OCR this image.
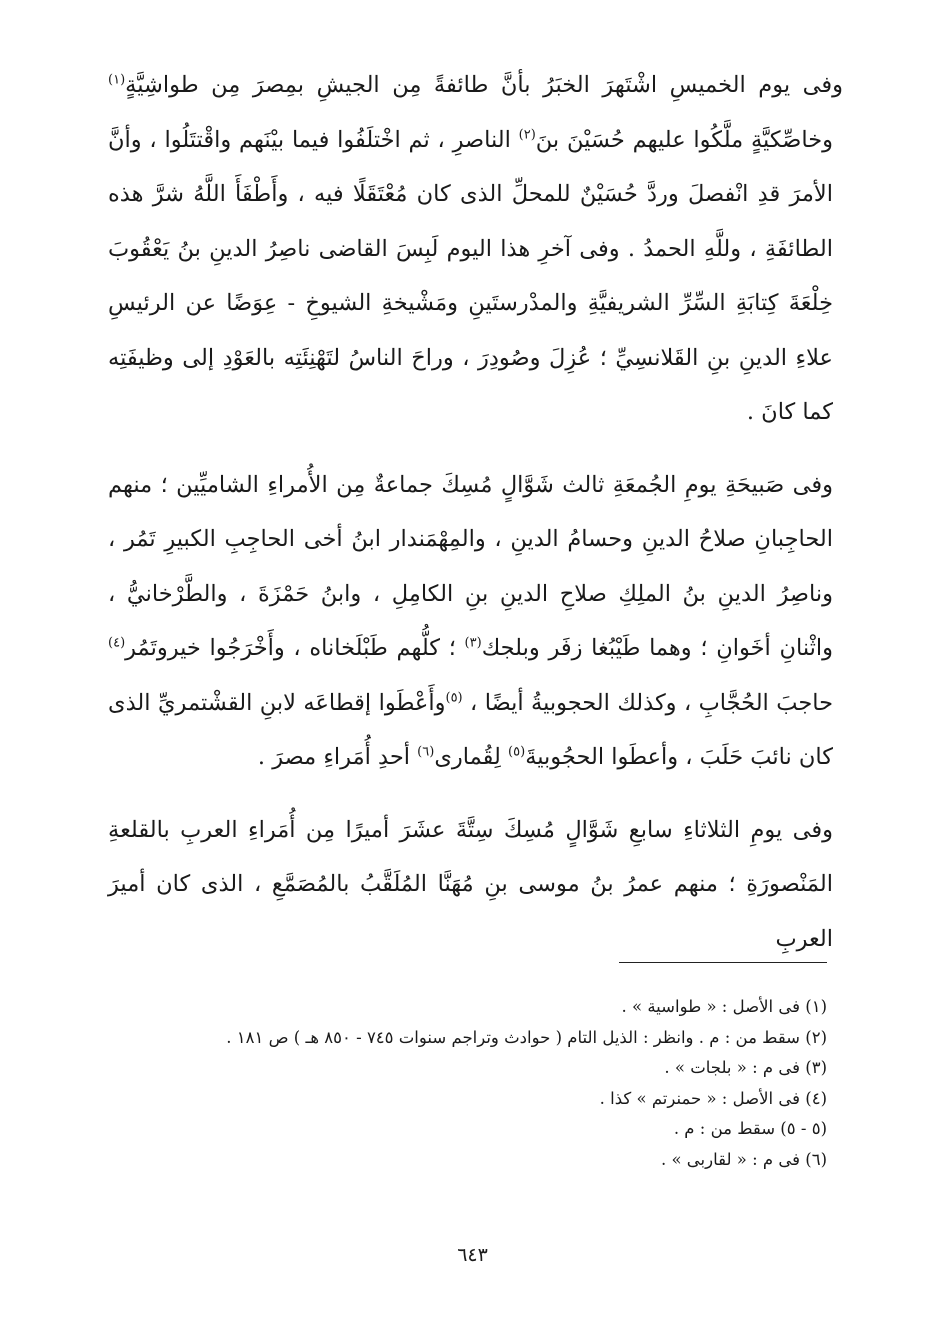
وفى يوم الخميسِ اشْتَهرَ الخبَرُ بأنَّ طائفةً مِن الجيشِ بمِصرَ مِن طواشِيَّةٍ$^{(١)}$ وخاصِّكيَّةٍ ملَّكُوا عليهم حُسَيْنَ بنَ$^{(٢)}$ الناصرِ ، ثم اخْتلَفُوا فيما بيْنَهم واقْتتَلُوا ، وأنَّ الأمرَ قدِ انْفصلَ وردَّ حُسَيْنٌ للمحلِّ الذى كان مُعْتَقَلًا فيه ، وأَطْفَأَ اللَّهُ شرَّ هذه الطائفَةِ ، وللَّهِ الحمدُ . وفى آخرِ هذا اليوم لَبِسَ القاضى ناصِرُ الدينِ بنُ يَعْقُوبَ خِلْعَةَ كِتابَةِ السِّرِّ الشريفيَّةِ والمدْرستَينِ ومَشْيخةِ الشيوخِ - عِوَضًا عن الرئيسِ علاءِ الدينِ بنِ القَلانسِيِّ ؛ عُزِلَ وصُودِرَ ، وراحَ الناسُ لتَهْنِئَتِه بالعَوْدِ إلى وظيفَتِه كما كانَ .

وفى صَبيحَةِ يومِ الجُمعَةِ ثالث شَوَّالٍ مُسِكَ جماعةٌ مِن الأُمراءِ الشاميِّين ؛ منهم الحاجِبانِ صلاحُ الدينِ وحسامُ الدينِ ، والمِهْمَندار ابنُ أخى الحاجِبِ الكبيرِ تَمُر ، وناصِرُ الدينِ بنُ الملِكِ صلاحِ الدينِ بنِ الكامِلِ ، وابنُ حَمْزَةَ ، والطَّرْخانيُّ ، واثْنانِ أخَوانِ ؛ وهما طَيْبُغا زفَر وبلجك$^{(٣)}$ ؛ كلُّهم طَبْلَخاناه ، وأَخْرَجُوا خيروتَمُر$^{(٤)}$ حاجبَ الحُجَّابِ ، وكذلك الحجوبيةُ أيضًا ، $^{(٥)}$وأَعْطَوا إقطاعَه لابنِ القشْتمريِّ الذى كان نائبَ حَلَبَ ، وأعطَوا الحجُوبيةَ$^{(٥)}$ لِقُمارى$^{(٦)}$ أحدِ أُمَراءِ مصرَ .

وفى يومِ الثلاثاءِ سابعِ شَوَّالٍ مُسِكَ سِتَّةَ عشَرَ أميرًا مِن أُمَراءِ العربِ بالقلعةِ المَنْصورَةِ ؛ منهم عمرُ بنُ موسى بنِ مُهَنَّا المُلَقَّبُ بالمُصَمَّعِ ، الذى كان أميرَ العربِ

(١) فى الأصل : « طواسية » .
(٢) سقط من : م . وانظر : الذيل التام ( حوادث وتراجم سنوات ٧٤٥ - ٨٥٠ هـ ) ص ١٨١ .
(٣) فى م : « بلجات » .
(٤) فى الأصل : « حمنرتم » كذا .
(٥ - ٥) سقط من : م .
(٦) فى م : « لقاربى » .
٦٤٣
